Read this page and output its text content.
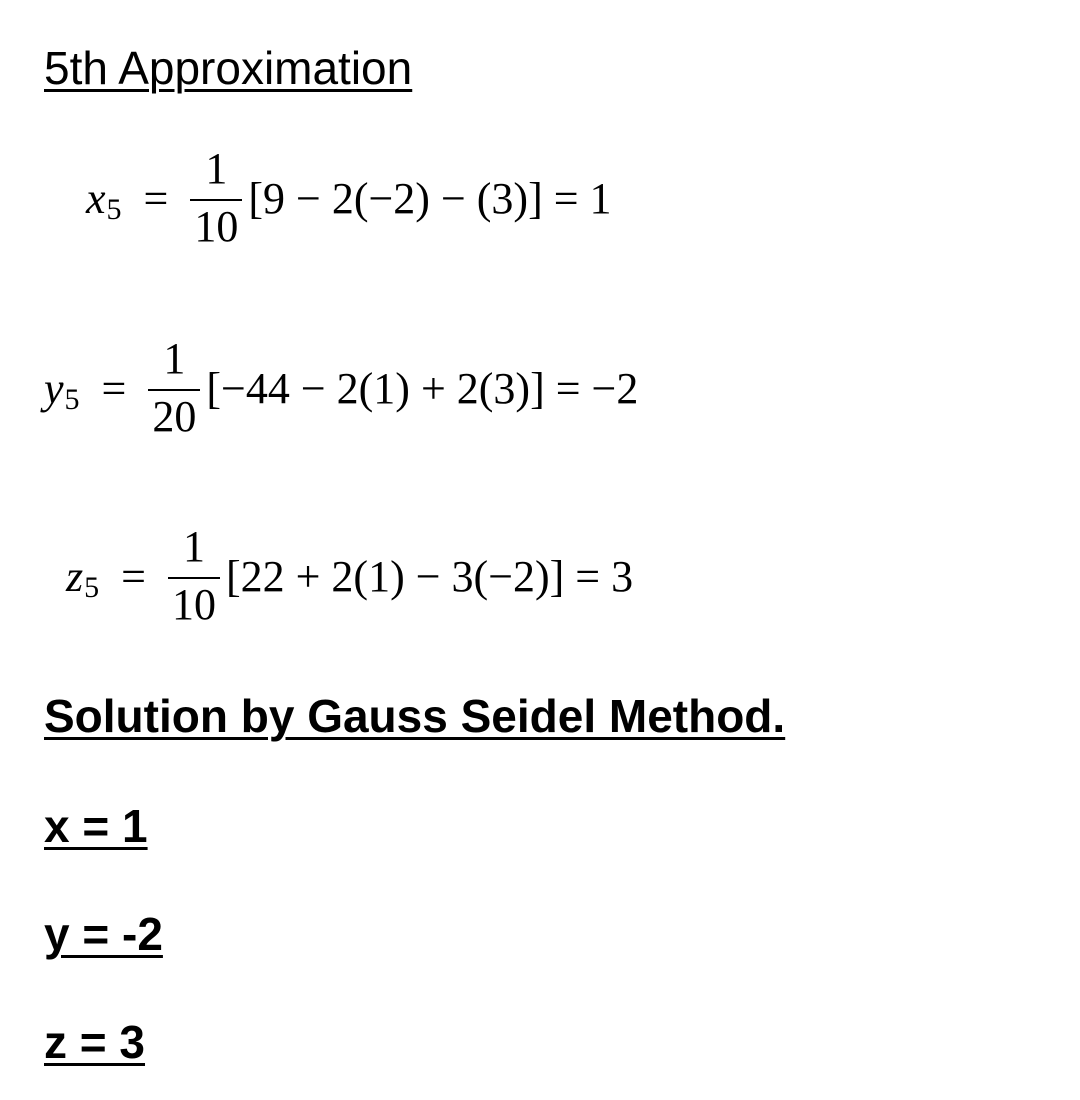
5th Approximation
x $5 = \frac{1}{10} [9 - 2(-2) - (3)] = 1$
y $5 = \frac{1}{20} [-44 - 2(1) + 2(3)] = -2$
z $5 = \frac{1}{10} [22 + 2(1) - 3(-2)] = 3$
Solution by Gauss Seidel Method.
x = 1
y = -2
z = 3
